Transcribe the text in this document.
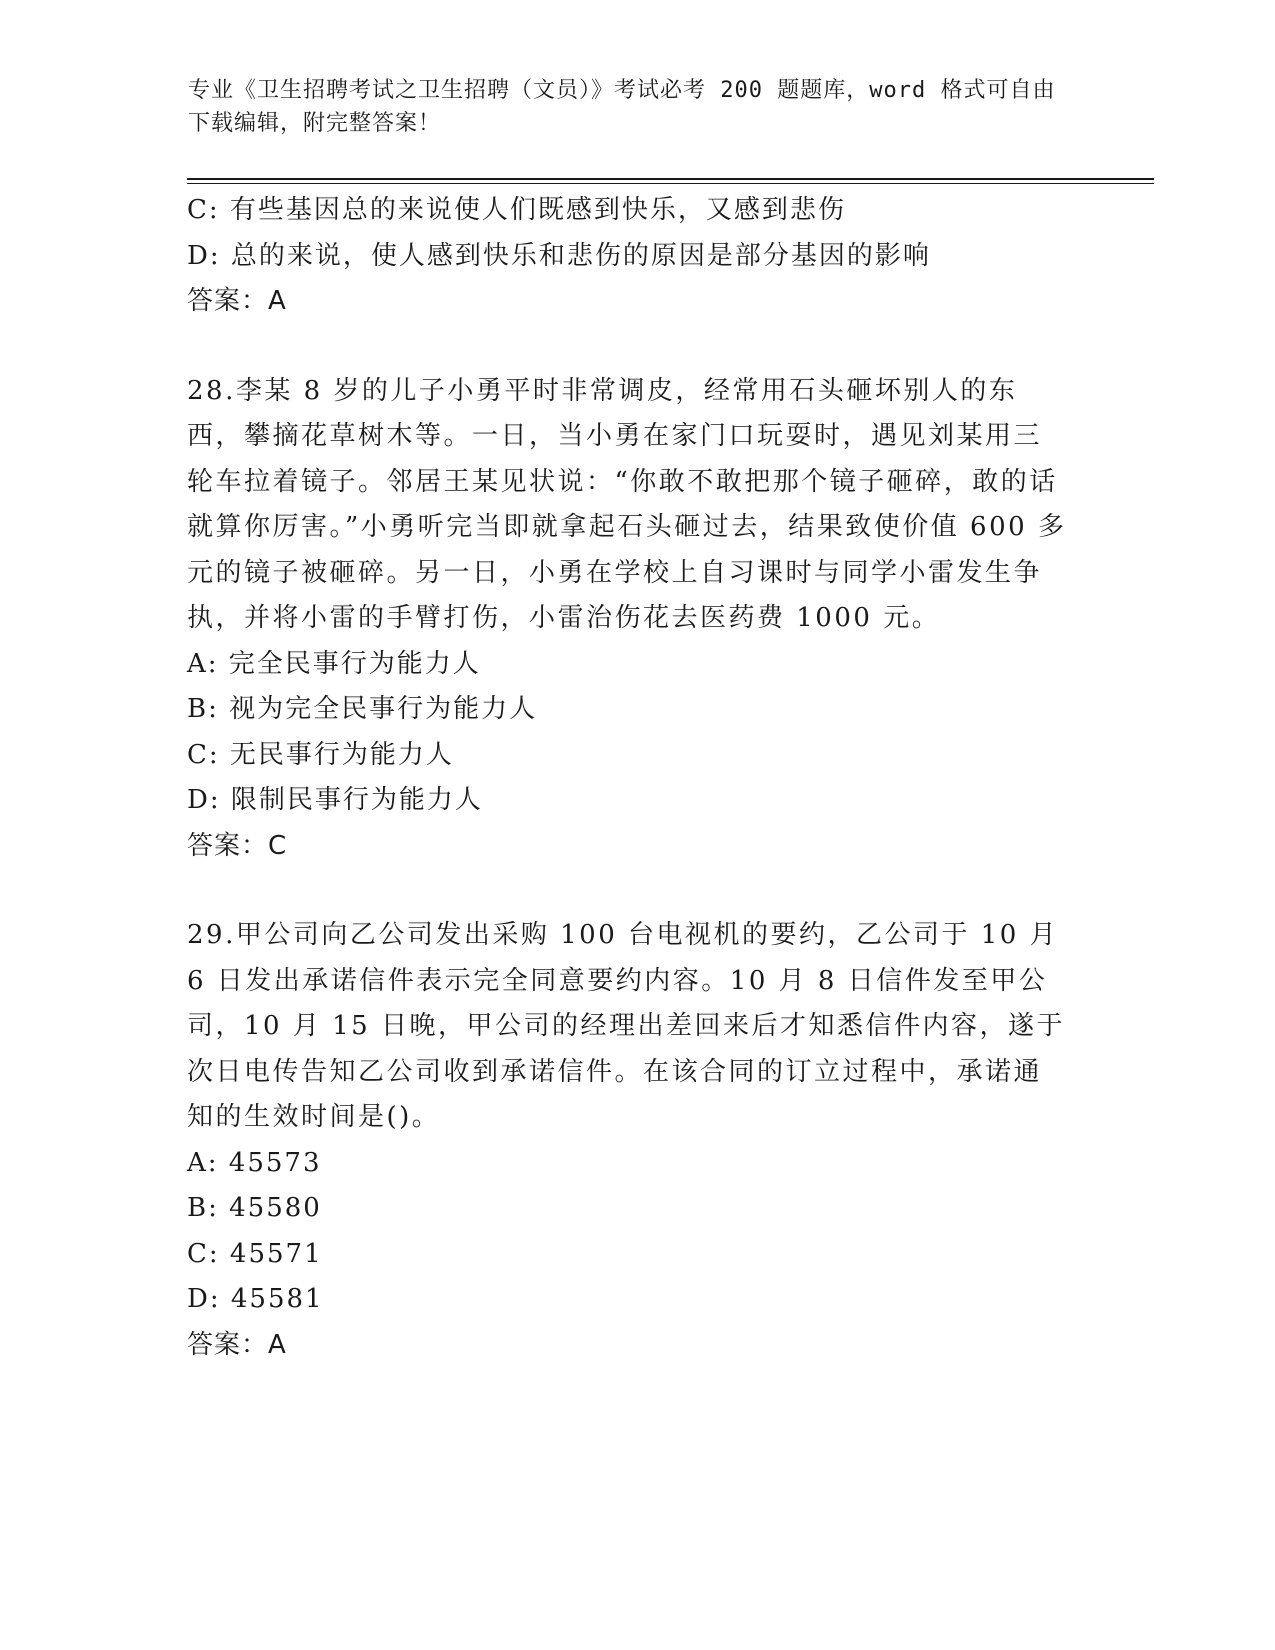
专业《卫生招聘考试之卫生招聘（文员）》考试必考 200 题题库，word 格式可自由下载编辑，附完整答案！
C: 有些基因总的来说使人们既感到快乐，又感到悲伤
D: 总的来说，使人感到快乐和悲伤的原因是部分基因的影响
答案：A
28.李某 8 岁的儿子小勇平时非常调皮，经常用石头砸坏别人的东西，攀摘花草树木等。一日，当小勇在家门口玩耍时，遇见刘某用三轮车拉着镜子。邻居王某见状说：“你敢不敢把那个镜子砸碎，敢的话就算你厉害。”小勇听完当即就拿起石头砸过去，结果致使价值 600 多元的镜子被砸碎。另一日，小勇在学校上自习课时与同学小雷发生争执，并将小雷的手臂打伤，小雷治伤花去医药费 1000 元。
A: 完全民事行为能力人
B: 视为完全民事行为能力人
C: 无民事行为能力人
D: 限制民事行为能力人
答案：C
29.甲公司向乙公司发出采购 100 台电视机的要约，乙公司于 10 月 6 日发出承诺信件表示完全同意要约内容。10 月 8 日信件发至甲公司，10 月 15 日晚，甲公司的经理出差回来后才知悉信件内容，遂于次日电传告知乙公司收到承诺信件。在该合同的订立过程中，承诺通知的生效时间是()。
A: 45573
B: 45580
C: 45571
D: 45581
答案：A
